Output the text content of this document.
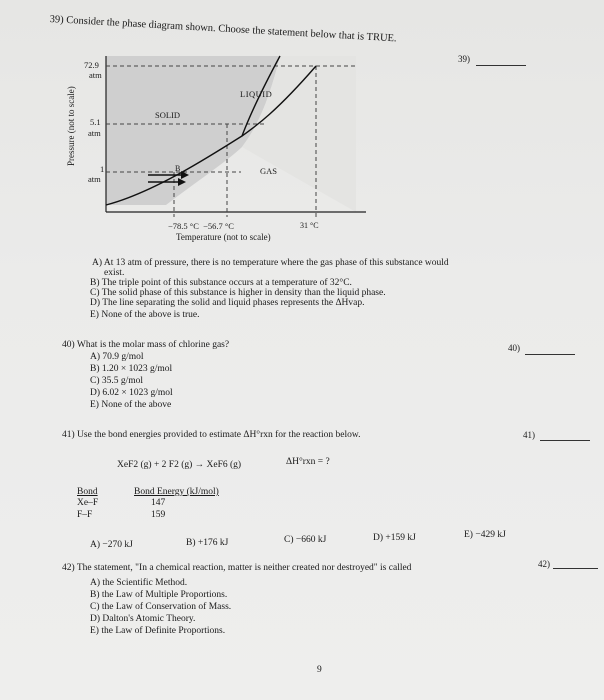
39) Consider the phase diagram shown. Choose the statement below that is TRUE.
39)
Pressure (not to scale)
72.9
atm
5.1
atm
1
atm
LIQUID
SOLID
GAS
B
−78.5 °C  −56.7 °C	31 °C
Temperature (not to scale)
A) At 13 atm of pressure, there is no temperature where the gas phase of this substance would
exist.
B) The triple point of this substance occurs at a temperature of 32°C.
C) The solid phase of this substance is higher in density than the liquid phase.
D) The line separating the solid and liquid phases represents the ΔHvap.
E) None of the above is true.
40) What is the molar mass of chlorine gas?	40)
A) 70.9 g/mol
B) 1.20 × 1023 g/mol
C) 35.5 g/mol
D) 6.02 × 1023 g/mol
E) None of the above
41) Use the bond energies provided to estimate ΔH°rxn for the reaction below.	41)
XeF2 (g) + 2 F2 (g) → XeF6 (g)	ΔH°rxn = ?
Bond	Bond Energy (kJ/mol)
Xe–F	147
F–F	159
A) −270 kJ	B) +176 kJ	C) −660 kJ	D) +159 kJ	E) −429 kJ
42) The statement, "In a chemical reaction, matter is neither created nor destroyed" is called	42)
A) the Scientific Method.
B) the Law of Multiple Proportions.
C) the Law of Conservation of Mass.
D) Dalton's Atomic Theory.
E) the Law of Definite Proportions.
9
